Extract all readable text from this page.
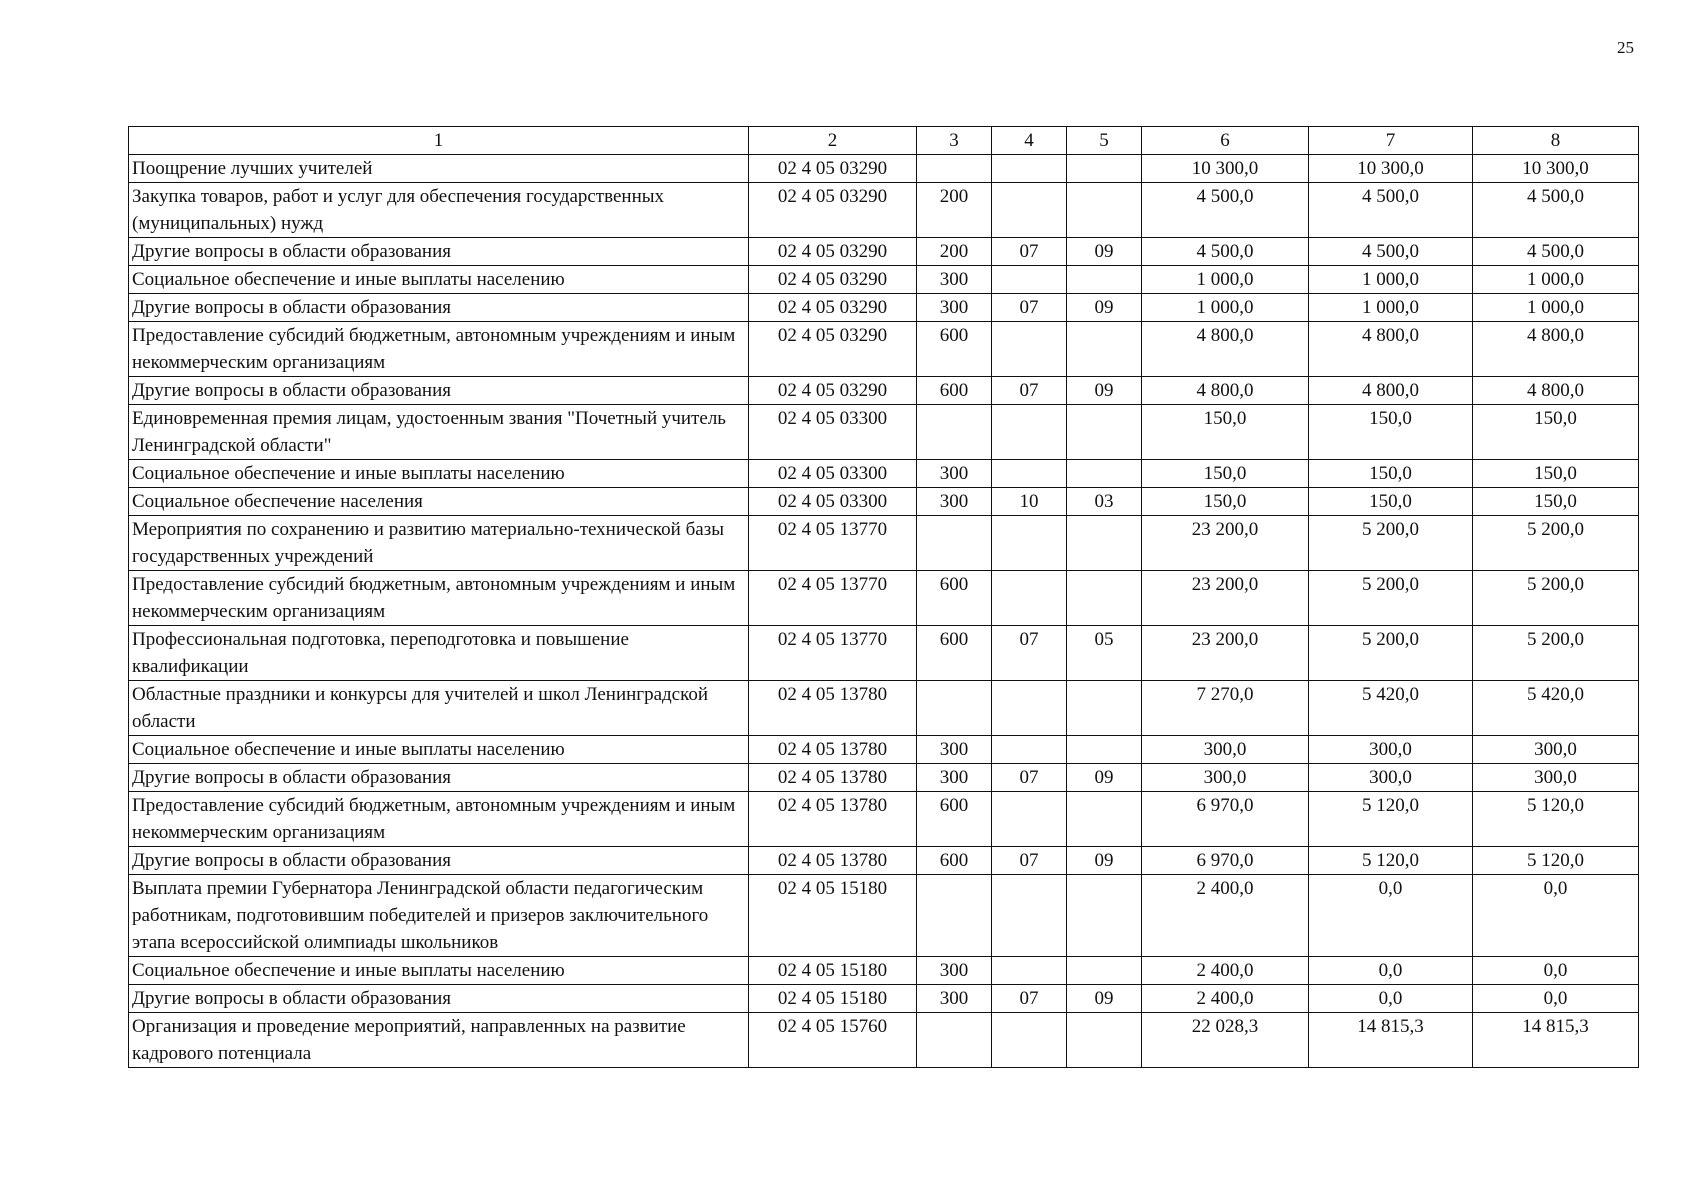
25
1	2	3	4	5	6	7	8
Поощрение лучших учителей	02 4 05 03290				10 300,0	10 300,0	10 300,0
Закупка товаров, работ и услуг для обеспечения государственных (муниципальных) нужд	02 4 05 03290	200			4 500,0	4 500,0	4 500,0
Другие вопросы в области образования	02 4 05 03290	200	07	09	4 500,0	4 500,0	4 500,0
Социальное обеспечение и иные выплаты населению	02 4 05 03290	300			1 000,0	1 000,0	1 000,0
Другие вопросы в области образования	02 4 05 03290	300	07	09	1 000,0	1 000,0	1 000,0
Предоставление субсидий бюджетным, автономным учреждениям и иным некоммерческим организациям	02 4 05 03290	600			4 800,0	4 800,0	4 800,0
Другие вопросы в области образования	02 4 05 03290	600	07	09	4 800,0	4 800,0	4 800,0
Единовременная премия лицам, удостоенным звания "Почетный учитель Ленинградской области"	02 4 05 03300				150,0	150,0	150,0
Социальное обеспечение и иные выплаты населению	02 4 05 03300	300			150,0	150,0	150,0
Социальное обеспечение населения	02 4 05 03300	300	10	03	150,0	150,0	150,0
Мероприятия по сохранению и развитию материально-технической базы государственных учреждений	02 4 05 13770				23 200,0	5 200,0	5 200,0
Предоставление субсидий бюджетным, автономным учреждениям и иным некоммерческим организациям	02 4 05 13770	600			23 200,0	5 200,0	5 200,0
Профессиональная подготовка, переподготовка и повышение квалификации	02 4 05 13770	600	07	05	23 200,0	5 200,0	5 200,0
Областные праздники и конкурсы для учителей и школ Ленинградской области	02 4 05 13780				7 270,0	5 420,0	5 420,0
Социальное обеспечение и иные выплаты населению	02 4 05 13780	300			300,0	300,0	300,0
Другие вопросы в области образования	02 4 05 13780	300	07	09	300,0	300,0	300,0
Предоставление субсидий бюджетным, автономным учреждениям и иным некоммерческим организациям	02 4 05 13780	600			6 970,0	5 120,0	5 120,0
Другие вопросы в области образования	02 4 05 13780	600	07	09	6 970,0	5 120,0	5 120,0
Выплата премии Губернатора Ленинградской области педагогическим работникам, подготовившим победителей и призеров заключительного этапа всероссийской олимпиады школьников	02 4 05 15180				2 400,0	0,0	0,0
Социальное обеспечение и иные выплаты населению	02 4 05 15180	300			2 400,0	0,0	0,0
Другие вопросы в области образования	02 4 05 15180	300	07	09	2 400,0	0,0	0,0
Организация и проведение мероприятий, направленных на развитие кадрового потенциала	02 4 05 15760				22 028,3	14 815,3	14 815,3
